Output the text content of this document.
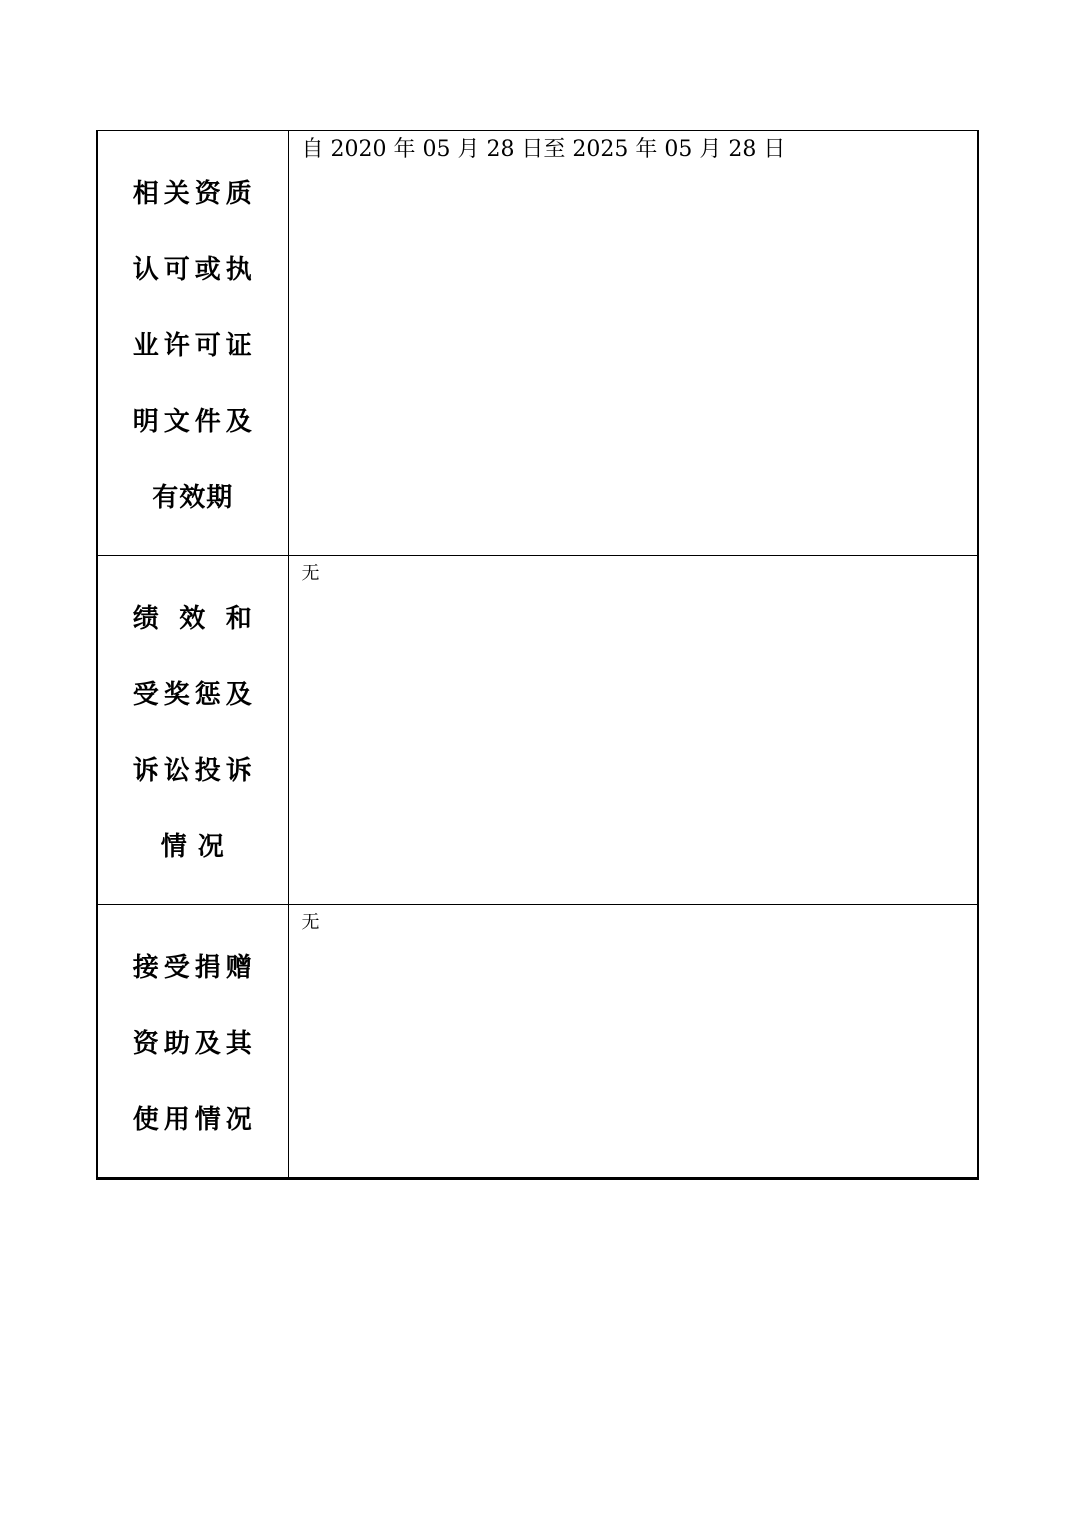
相关资质

认可或执

业许可证

明文件及

有效期	自 2020 年 05 月 28 日至 2025 年 05 月 28 日

绩 效 和

受奖惩及

诉讼投诉

情 况	无

接受捐赠

资助及其

使用情况	无
